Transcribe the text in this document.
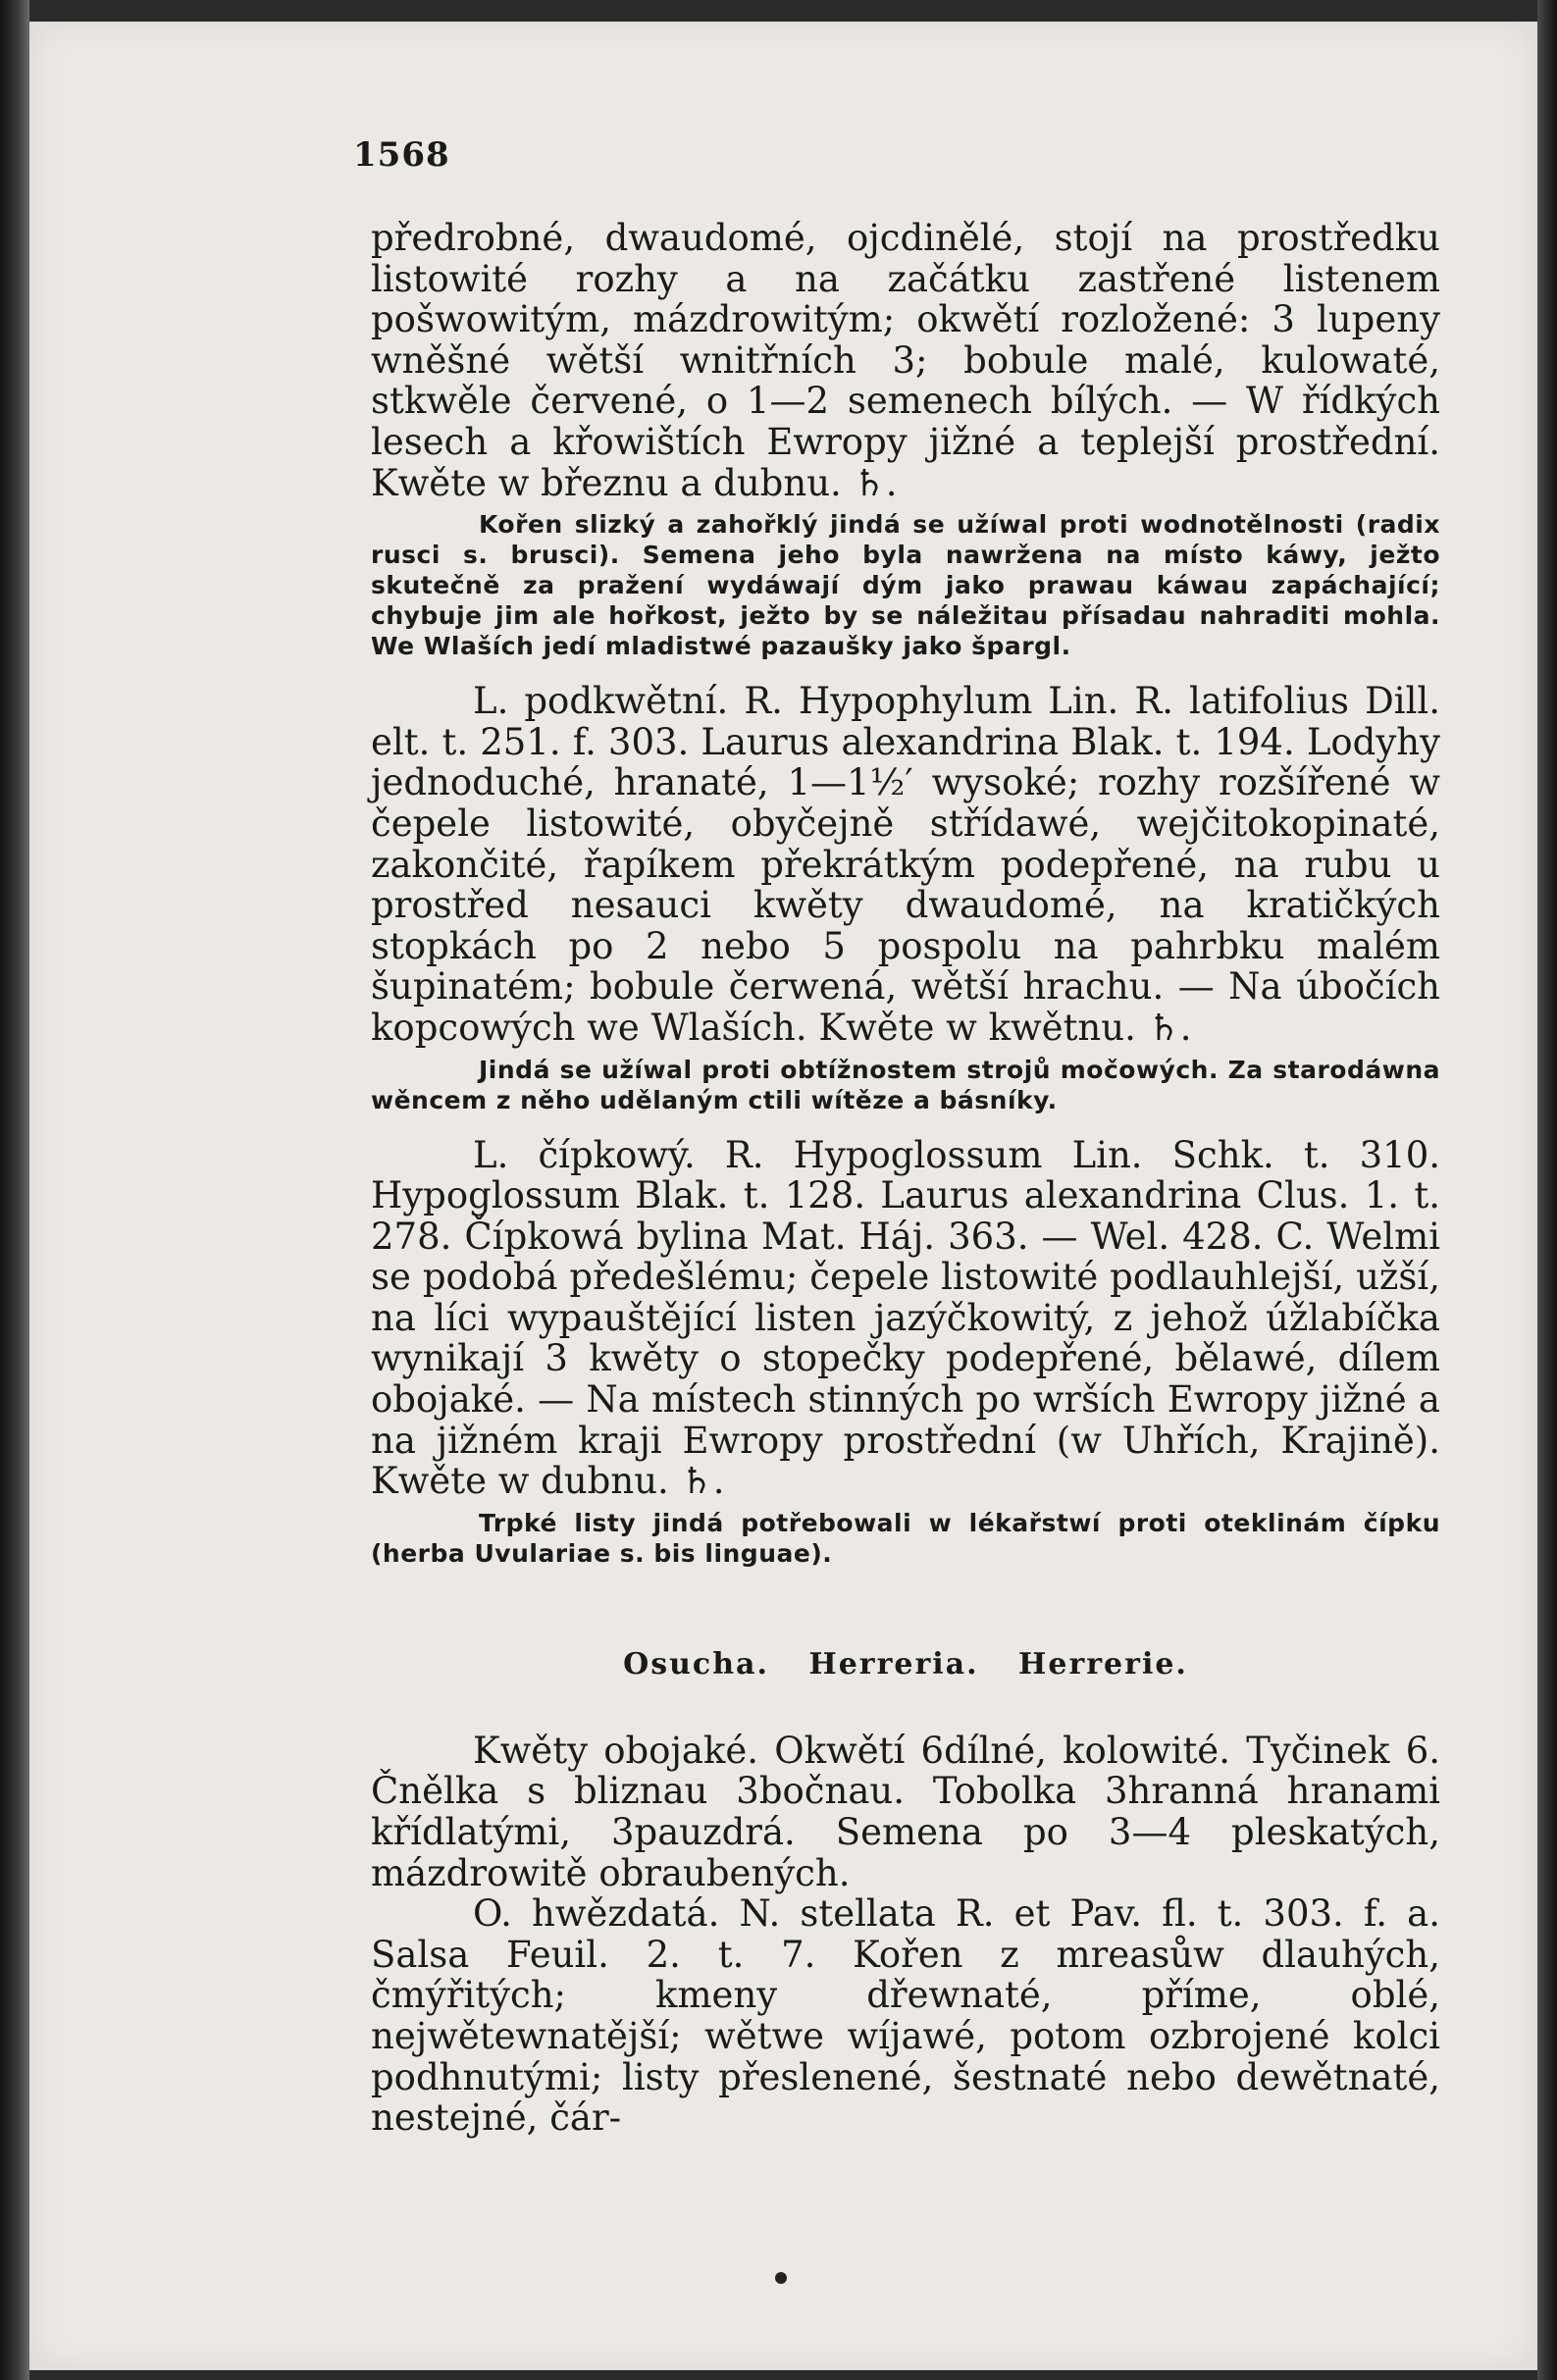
1568

předrobné, dwaudomé, ojcdinělé, stojí na prostředku listowité rozhy a na začátku zastřené listenem pošwowitým, mázdrowitým; okwětí rozložené: 3 lupeny wněšné wětší wnitřních 3; bobule malé, kulowaté, stkwěle červené, o 1—2 semenech bílých. — W řídkých lesech a křowištích Ewropy jižné a teplejší prostřední. Kwěte w březnu a dubnu. ♄.

Kořen slizký a zahořklý jindá se užíwal proti wodnotělnosti (radix rusci s. brusci). Semena jeho byla nawržena na místo káwy, ježto skutečně za pražení wydáwají dým jako prawau káwau zapáchající; chybuje jim ale hořkost, ježto by se náležitau přísadau nahraditi mohla. We Wlaších jedí mladistwé pazaušky jako špargl.

L. podkwětní. R. Hypophylum Lin. R. latifolius Dill. elt. t. 251. f. 303. Laurus alexandrina Blak. t. 194. Lodyhy jednoduché, hranaté, 1—1½′ wysoké; rozhy rozšířené w čepele listowité, obyčejně střídawé, wejčitokopinaté, zakončité, řapíkem překrátkým podepřené, na rubu u prostřed nesauci kwěty dwaudomé, na kratičkých stopkách po 2 nebo 5 pospolu na pahrbku malém šupinatém; bobule čerwená, wětší hrachu. — Na úbočích kopcowých we Wlaších. Kwěte w kwětnu. ♄.

Jindá se užíwal proti obtížnostem strojů močowých. Za starodáwna wěncem z něho udělaným ctili wítěze a básníky.

L. čípkowý. R. Hypoglossum Lin. Schk. t. 310. Hypoglossum Blak. t. 128. Laurus alexandrina Clus. 1. t. 278. Čípkowá bylina Mat. Háj. 363. — Wel. 428. C. Welmi se podobá předešlému; čepele listowité podlauhlejší, užší, na líci wypauštějící listen jazýčkowitý, z jehož úžlabíčka wynikají 3 kwěty o stopečky podepřené, bělawé, dílem obojaké. — Na místech stinných po wrších Ewropy jižné a na jižném kraji Ewropy prostřední (w Uhřích, Krajině). Kwěte w dubnu. ♄.

Trpké listy jindá potřebowali w lékařstwí proti oteklinám čípku (herba Uvulariae s. bis linguae).

Osucha. Herreria. Herrerie.

Kwěty obojaké. Okwětí 6dílné, kolowité. Tyčinek 6. Čnělka s bliznau 3bočnau. Tobolka 3hranná hranami křídlatými, 3pauzdrá. Semena po 3—4 pleskatých, mázdrowitě obraubených.

O. hwězdatá. N. stellata R. et Pav. fl. t. 303. f. a. Salsa Feuil. 2. t. 7. Kořen z mreasůw dlauhých, čmýřitých; kmeny dřewnaté, příme, oblé, nejwětewnatější; wětwe wíjawé, potom ozbrojené kolci podhnutými; listy přeslenené, šestnaté nebo dewětnaté, nestejné, čár-
